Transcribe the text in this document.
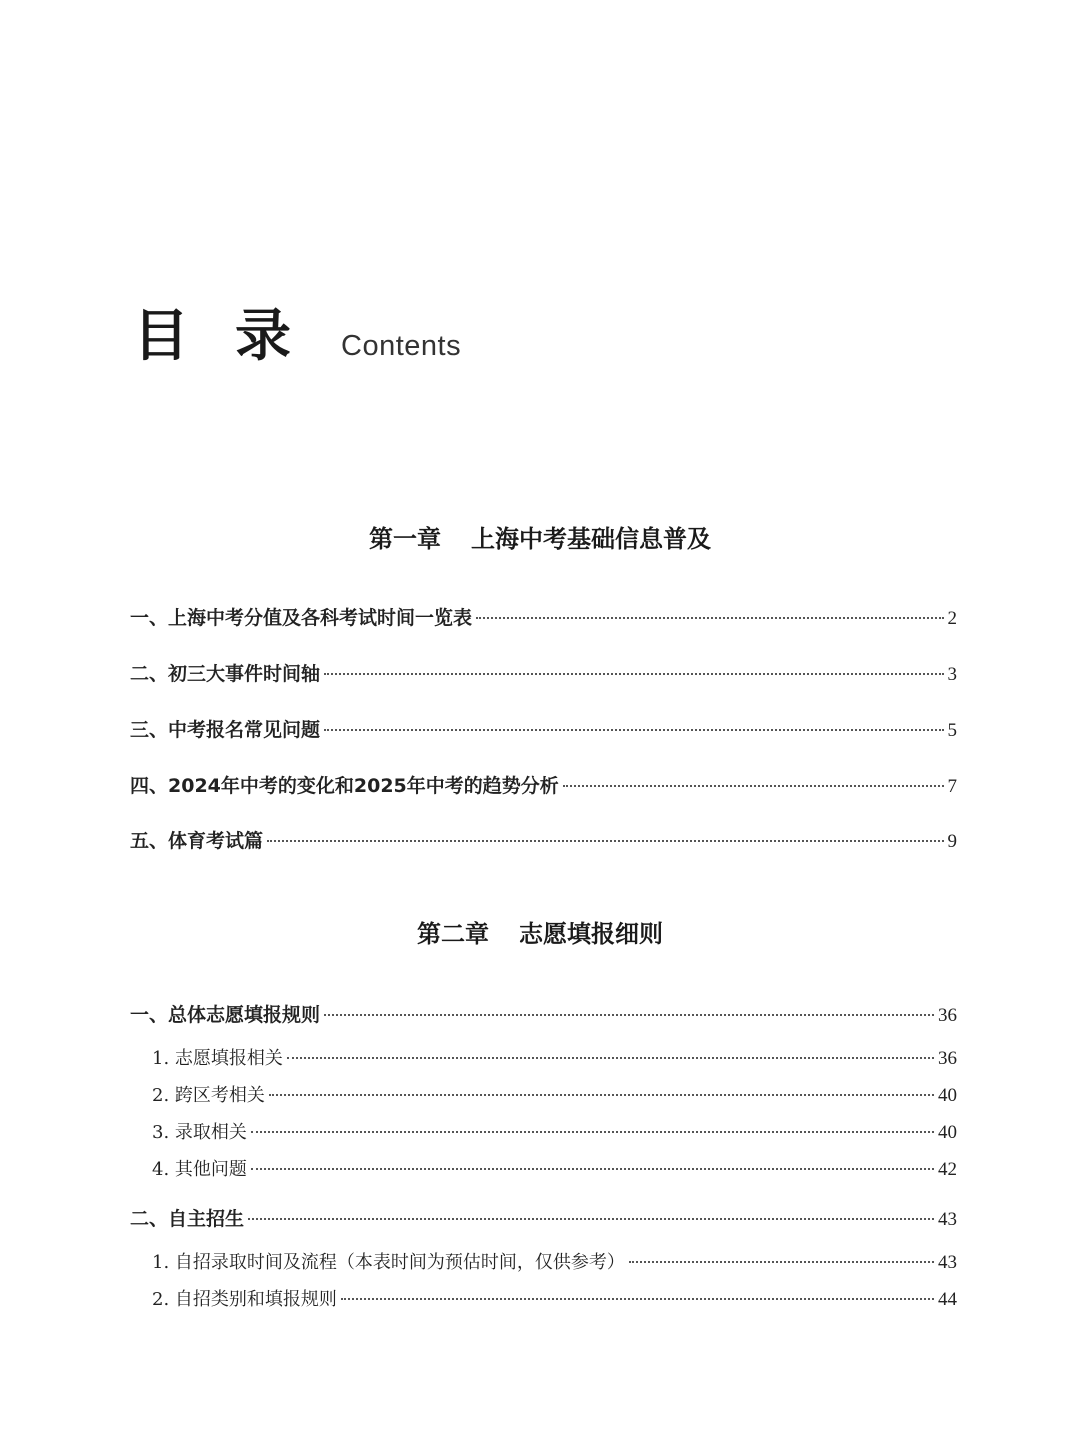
目录 Contents
第一章 上海中考基础信息普及
一、上海中考分值及各科考试时间一览表	2
二、初三大事件时间轴	3
三、中考报名常见问题	5
四、2024年中考的变化和2025年中考的趋势分析	7
五、体育考试篇	9
第二章 志愿填报细则
一、总体志愿填报规则	36
1. 志愿填报相关	36
2. 跨区考相关	40
3. 录取相关	40
4. 其他问题	42
二、自主招生	43
1. 自招录取时间及流程（本表时间为预估时间，仅供参考）	43
2. 自招类别和填报规则	44
